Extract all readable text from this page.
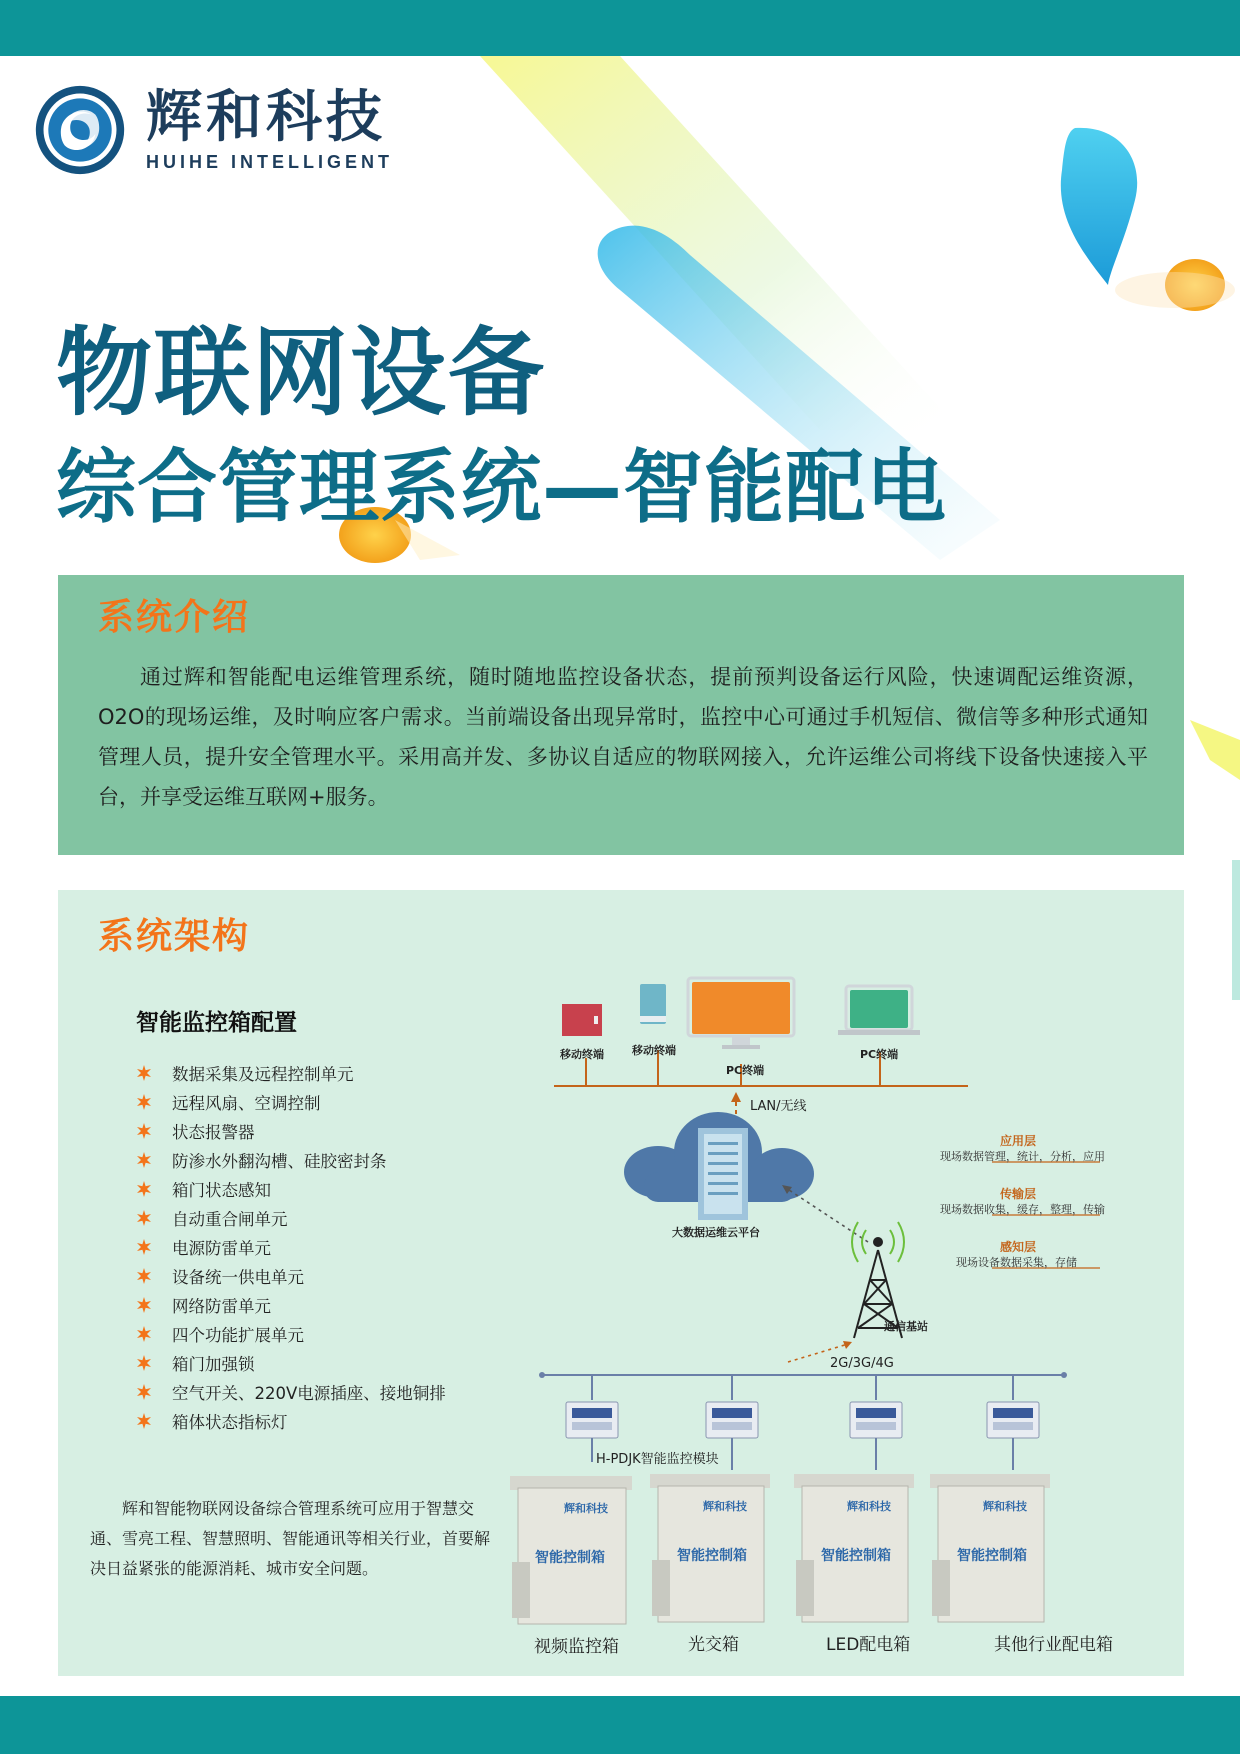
辉和科技
HUIHE INTELLIGENT
物联网设备
综合管理系统—智能配电
系统介绍

通过辉和智能配电运维管理系统，随时随地监控设备状态，提前预判设备运行风险，快速调配运维资源，O2O的现场运维，及时响应客户需求。当前端设备出现异常时，监控中心可通过手机短信、微信等多种形式通知管理人员，提升安全管理水平。采用高并发、多协议自适应的物联网接入，允许运维公司将线下设备快速接入平台，并享受运维互联网+服务。

辉和科技
智能控制箱
辉和科技
智能控制箱
辉和科技
智能控制箱
辉和科技
智能控制箱
系统架构
智能监控箱配置
数据采集及远程控制单元
远程风扇、空调控制
状态报警器
防渗水外翻沟槽、硅胶密封条
箱门状态感知
自动重合闸单元
电源防雷单元
设备统一供电单元
网络防雷单元
四个功能扩展单元
箱门加强锁
空气开关、220V电源插座、接地铜排
箱体状态指标灯

辉和智能物联网设备综合管理系统可应用于智慧交通、雪亮工程、智慧照明、智能通讯等相关行业，首要解决日益紧张的能源消耗、城市安全问题。

移动终端	移动终端
PC终端
PC终端
LAN/无线
大数据运维云平台
通信基站
2G/3G/4G
H-PDJK智能监控模块
应用层
现场数据管理，统计，分析，应用
传输层
现场数据收集，缓存，整理，传输
感知层
现场设备数据采集，存储
视频监控箱	光交箱	LED配电箱	其他行业配电箱
